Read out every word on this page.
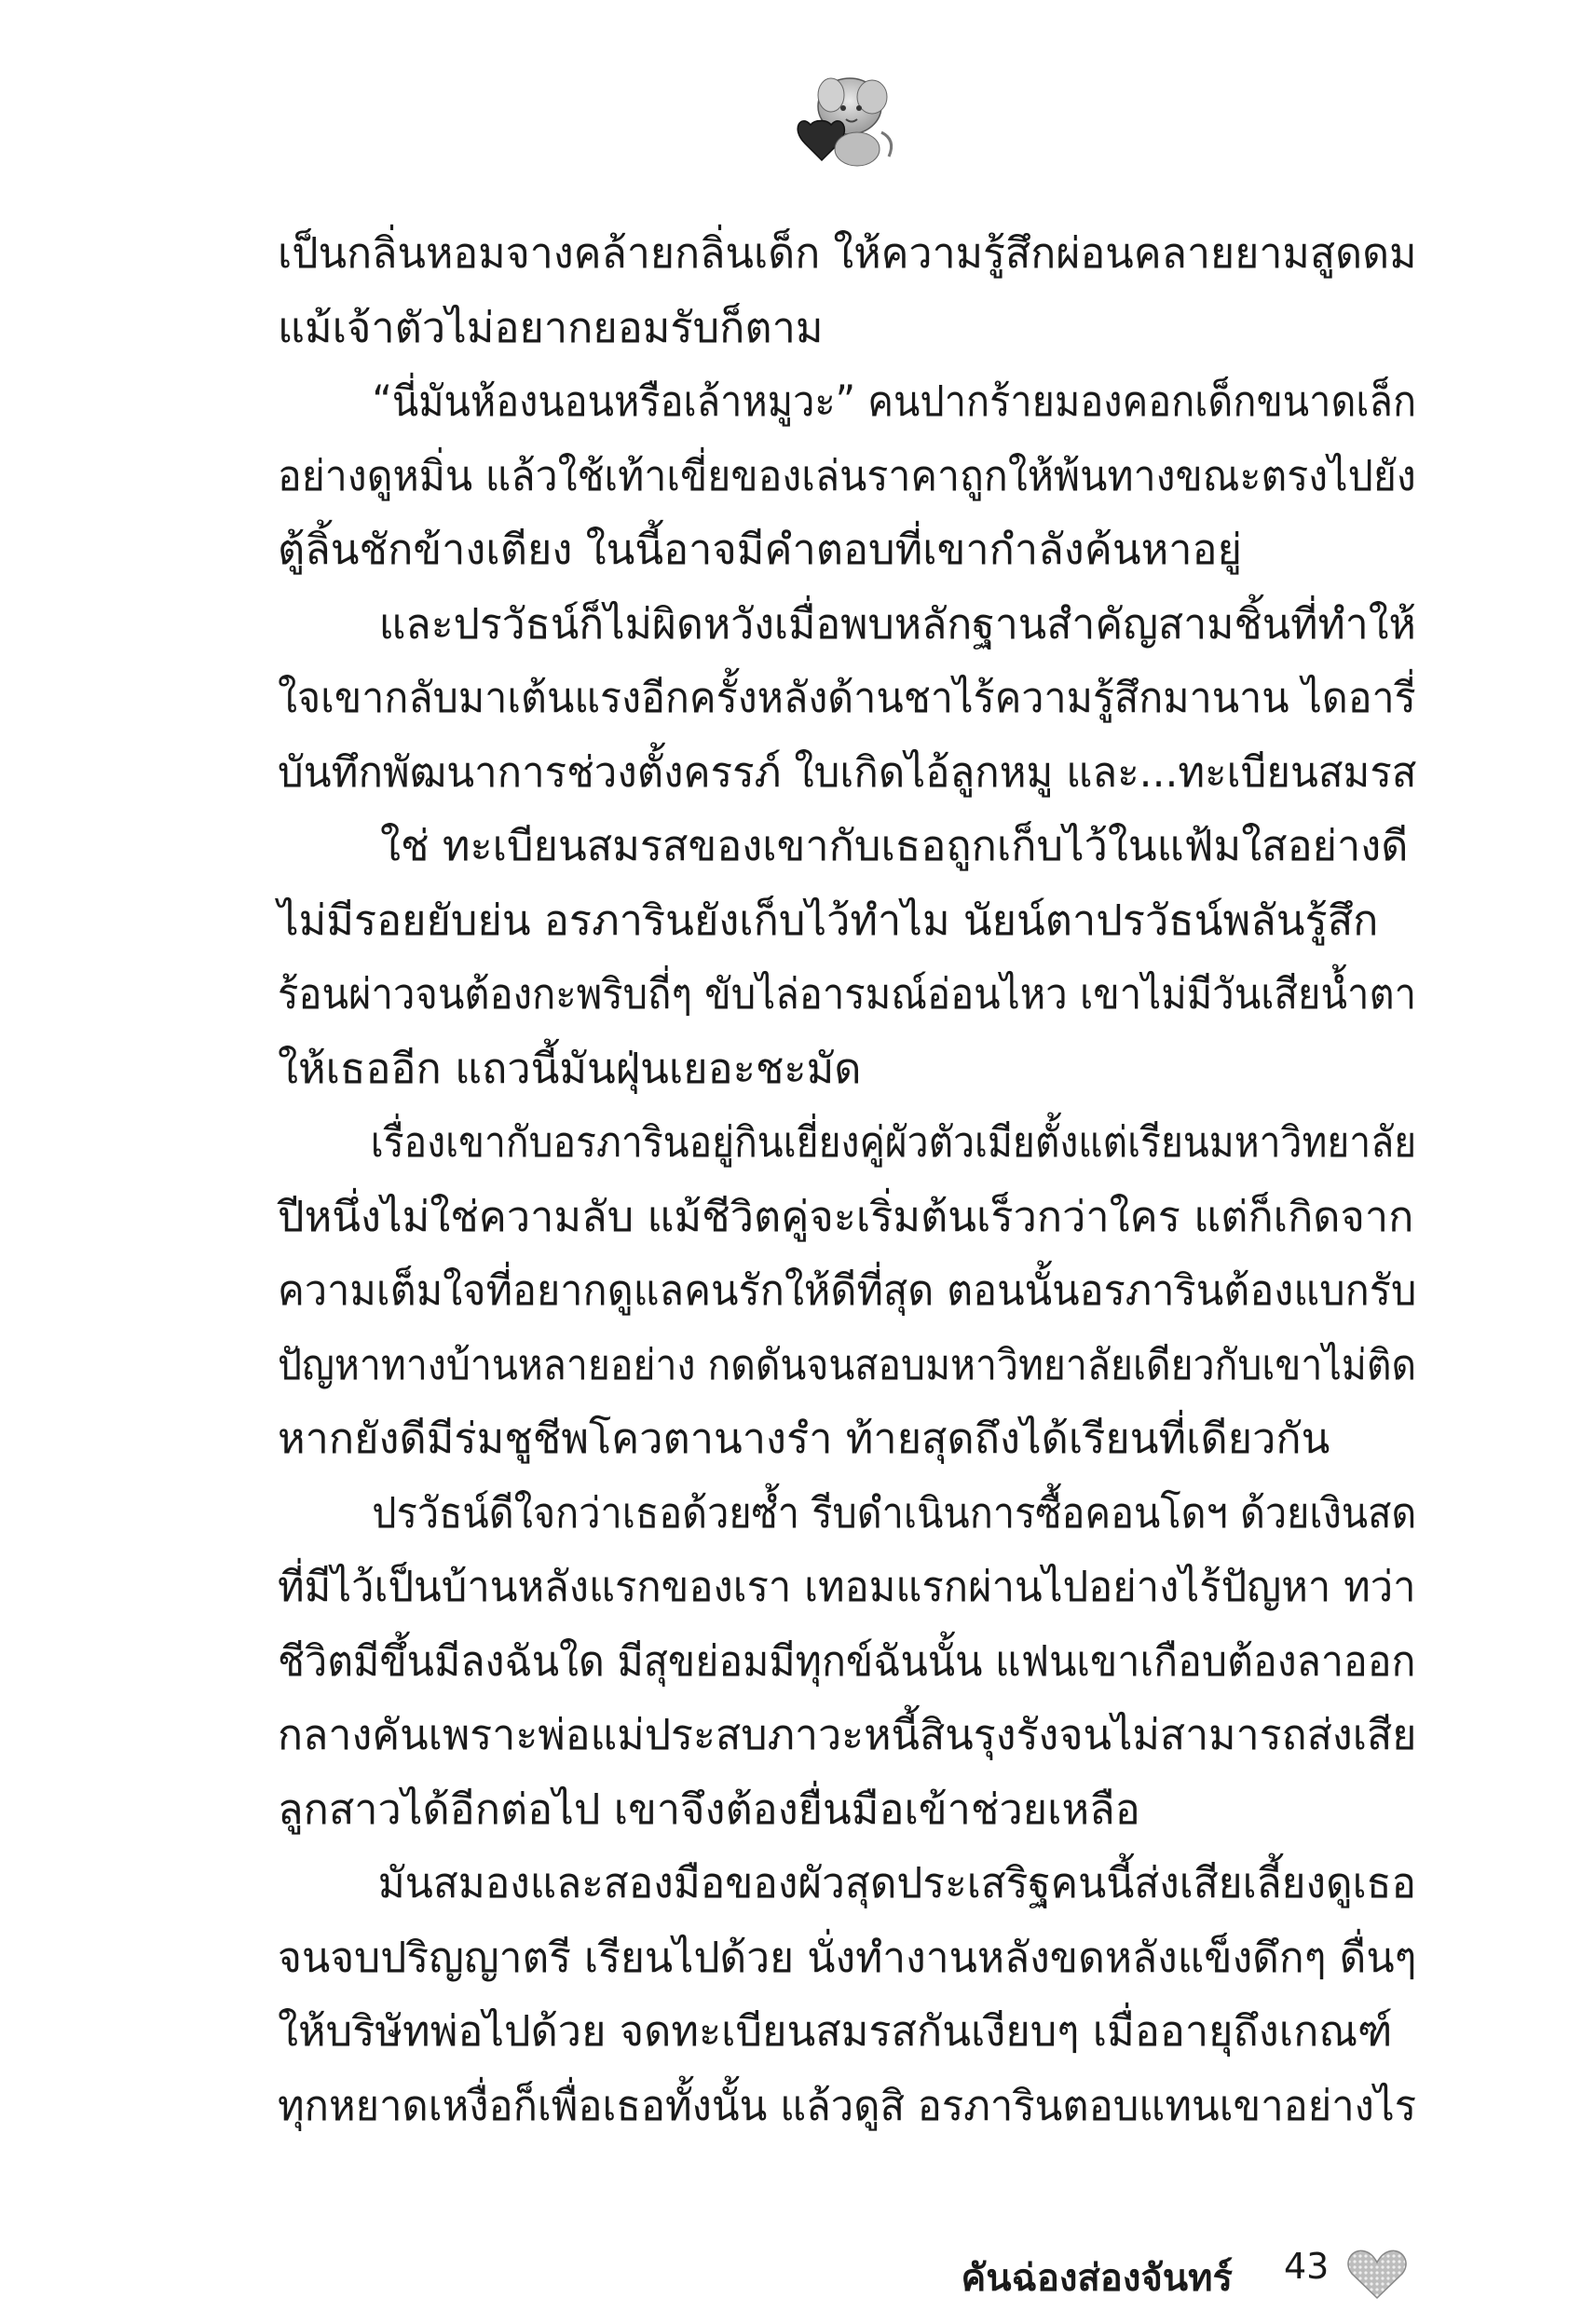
เป็นกลิ่นหอมจางคล้ายกลิ่นเด็ก ให้ความรู้สึกผ่อนคลายยามสูดดม
แม้เจ้าตัวไม่อยากยอมรับก็ตาม
“นี่มันห้องนอนหรือเล้าหมูวะ” คนปากร้ายมองคอกเด็กขนาดเล็ก
อย่างดูหมิ่น แล้วใช้เท้าเขี่ยของเล่นราคาถูกให้พ้นทางขณะตรงไปยัง
ตู้ลิ้นชักข้างเตียง ในนี้อาจมีคำตอบที่เขากำลังค้นหาอยู่
และปรวัธน์ก็ไม่ผิดหวังเมื่อพบหลักฐานสำคัญสามชิ้นที่ทำให้
ใจเขากลับมาเต้นแรงอีกครั้งหลังด้านชาไร้ความรู้สึกมานาน ไดอารี่
บันทึกพัฒนาการช่วงตั้งครรภ์ ใบเกิดไอ้ลูกหมู และ...ทะเบียนสมรส
ใช่ ทะเบียนสมรสของเขากับเธอถูกเก็บไว้ในแฟ้มใสอย่างดี
ไม่มีรอยยับย่น อรภารินยังเก็บไว้ทำไม นัยน์ตาปรวัธน์พลันรู้สึก
ร้อนผ่าวจนต้องกะพริบถี่ๆ ขับไล่อารมณ์อ่อนไหว เขาไม่มีวันเสียน้ำตา
ให้เธออีก แถวนี้มันฝุ่นเยอะชะมัด
เรื่องเขากับอรภารินอยู่กินเยี่ยงคู่ผัวตัวเมียตั้งแต่เรียนมหาวิทยาลัย
ปีหนึ่งไม่ใช่ความลับ แม้ชีวิตคู่จะเริ่มต้นเร็วกว่าใคร แต่ก็เกิดจาก
ความเต็มใจที่อยากดูแลคนรักให้ดีที่สุด ตอนนั้นอรภารินต้องแบกรับ
ปัญหาทางบ้านหลายอย่าง กดดันจนสอบมหาวิทยาลัยเดียวกับเขาไม่ติด
หากยังดีมีร่มชูชีพโควตานางรำ ท้ายสุดถึงได้เรียนที่เดียวกัน
ปรวัธน์ดีใจกว่าเธอด้วยซ้ำ รีบดำเนินการซื้อคอนโดฯ ด้วยเงินสด
ที่มีไว้เป็นบ้านหลังแรกของเรา เทอมแรกผ่านไปอย่างไร้ปัญหา ทว่า
ชีวิตมีขึ้นมีลงฉันใด มีสุขย่อมมีทุกข์ฉันนั้น แฟนเขาเกือบต้องลาออก
กลางคันเพราะพ่อแม่ประสบภาวะหนี้สินรุงรังจนไม่สามารถส่งเสีย
ลูกสาวได้อีกต่อไป เขาจึงต้องยื่นมือเข้าช่วยเหลือ
มันสมองและสองมือของผัวสุดประเสริฐคนนี้ส่งเสียเลี้ยงดูเธอ
จนจบปริญญาตรี เรียนไปด้วย นั่งทำงานหลังขดหลังแข็งดึกๆ ดื่นๆ
ให้บริษัทพ่อไปด้วย จดทะเบียนสมรสกันเงียบๆ เมื่ออายุถึงเกณฑ์
ทุกหยาดเหงื่อก็เพื่อเธอทั้งนั้น แล้วดูสิ อรภารินตอบแทนเขาอย่างไร
คันฉ่องส่องจันทร์ 43
